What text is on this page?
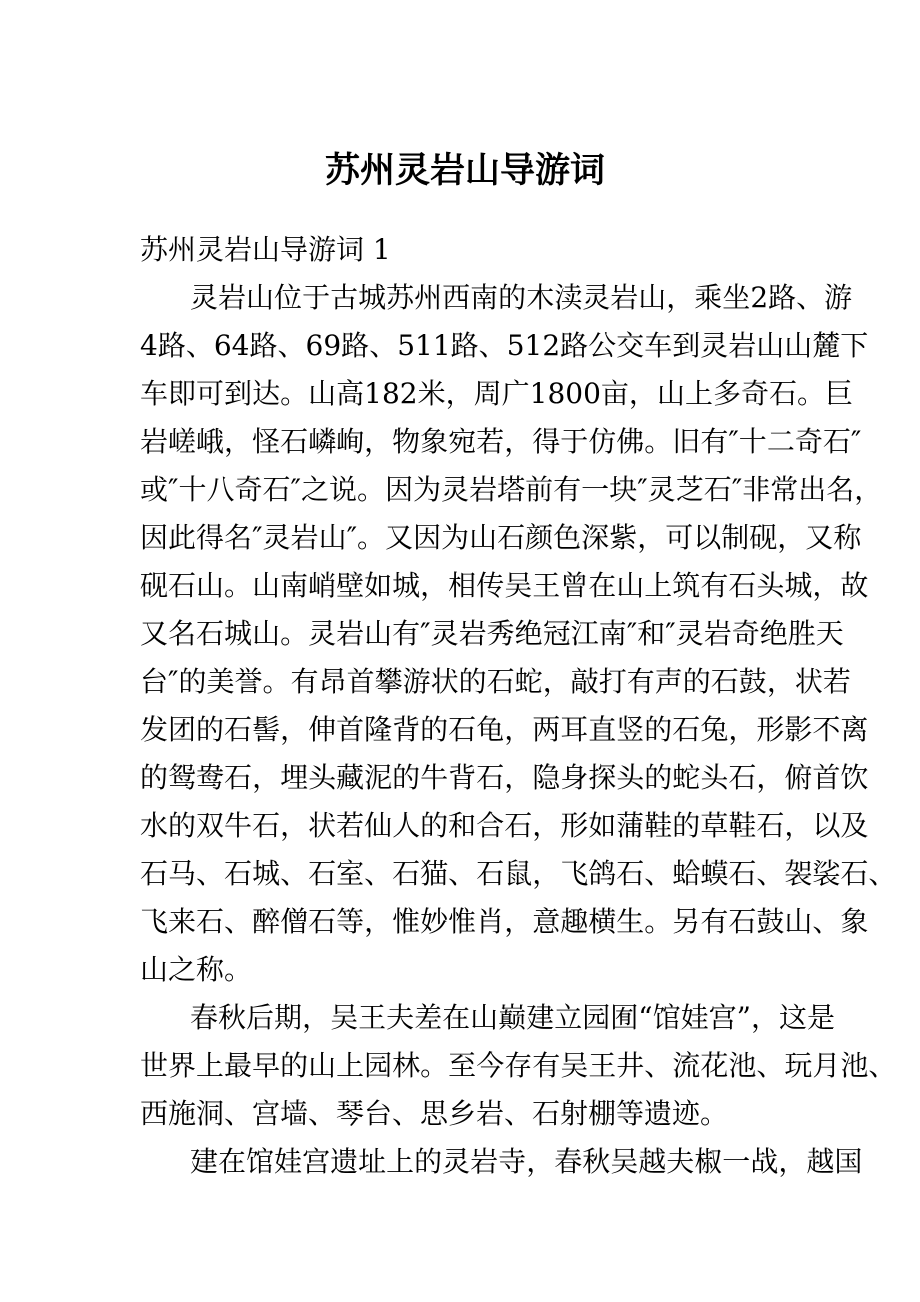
苏州灵岩山导游词
苏州灵岩山导游词 1
灵 岩 山 位 于 古 城 苏 州 西 南 的 木 渎 灵 岩 山 ， 乘 坐 2 路 、 游
4 路 、 64 路 、 69 路 、 511 路 、 512 路 公 交 车 到 灵 岩 山 山 麓 下
车 即 可 到 达 。 山 高 182 米 ， 周 广 1800 亩 ， 山 上 多 奇 石 。 巨
岩 嵯 峨 ， 怪 石 嶙 峋 ， 物 象 宛 若 ， 得 于 仿 佛 。 旧 有 ″ 十 二 奇 石 ″
或 ″ 十 八 奇 石 ″ 之 说 。 因 为 灵 岩 塔 前 有 一 块 ″ 灵 芝 石 ″ 非 常 出 名 ，
因 此 得 名 ″ 灵 岩 山 ″ 。 又 因 为 山 石 颜 色 深 紫 ， 可 以 制 砚 ， 又 称
砚 石 山 。 山 南 峭 壁 如 城 ， 相 传 吴 王 曾 在 山 上 筑 有 石 头 城 ， 故
又 名 石 城 山 。 灵 岩 山 有 ″ 灵 岩 秀 绝 冠 江 南 ″ 和 ″ 灵 岩 奇 绝 胜 天
台 ″ 的 美 誉 。 有 昂 首 攀 游 状 的 石 蛇 ， 敲 打 有 声 的 石 鼓 ， 状 若
发 团 的 石 髻 ， 伸 首 隆 背 的 石 龟 ， 两 耳 直 竖 的 石 兔 ， 形 影 不 离
的 鸳 鸯 石 ， 埋 头 藏 泥 的 牛 背 石 ， 隐 身 探 头 的 蛇 头 石 ， 俯 首 饮
水 的 双 牛 石 ， 状 若 仙 人 的 和 合 石 ， 形 如 蒲 鞋 的 草 鞋 石 ， 以 及
石 马 、 石 城 、 石 室 、 石 猫 、 石 鼠 ， 飞 鸽 石 、 蛤 蟆 石 、 袈 裟 石 、
飞 来 石 、 醉 僧 石 等 ， 惟 妙 惟 肖 ， 意 趣 横 生 。 另 有 石 鼓 山 、 象
山之称。
春 秋 后 期 ， 吴 王 夫 差 在 山 巅 建 立 园 囿 “ 馆 娃 宫 ” ， 这 是
世 界 上 最 早 的 山 上 园 林 。 至 今 存 有 吴 王 井 、 流 花 池 、 玩 月 池 、
西施洞、宫墙、琴台、思乡岩、石射棚等遗迹。
建 在 馆 娃 宫 遗 址 上 的 灵 岩 寺 ， 春 秋 吴 越 夫 椒 一 战 ， 越 国
